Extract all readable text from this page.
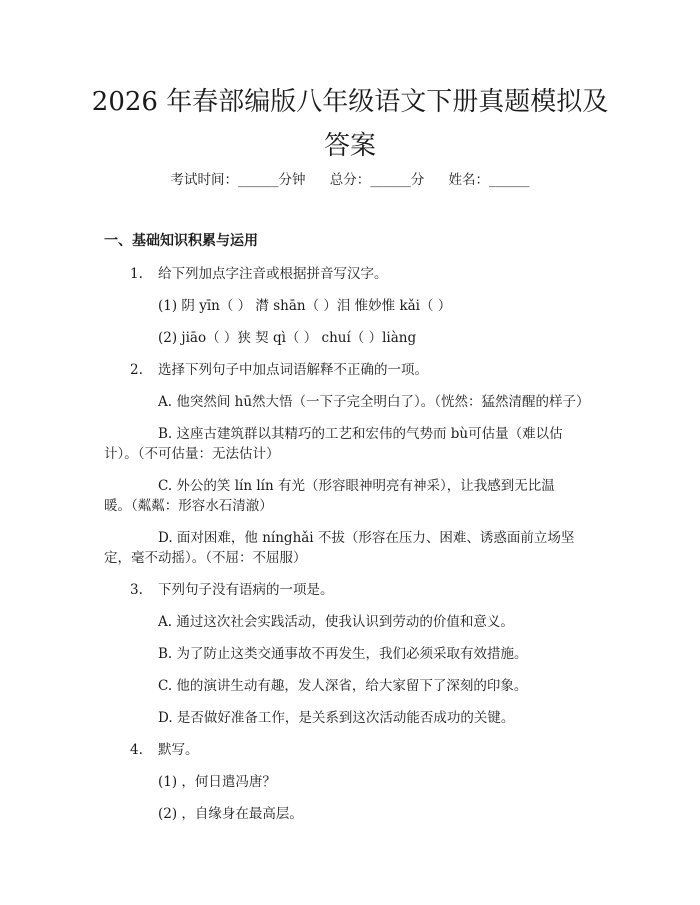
2026 年春部编版八年级语文下册真题模拟及
答案
考试时间：______分钟 总分：______分 姓名：______
一、基础知识积累与运用
1. 给下列加点字注音或根据拼音写汉字。
(1) 阴 yīn（ ） 潸 shān（ ）泪 惟妙惟 kǎi（ ）
(2) jiāo（ ）狭 契 qì（ ） chuí（ ）liàng
2. 选择下列句子中加点词语解释不正确的一项。
A. 他突然间 hū然大悟（一下子完全明白了）。（恍然：猛然清醒的样子）
B. 这座古建筑群以其精巧的工艺和宏伟的气势而 bù可估量（难以估
计）。（不可估量：无法估计）
C. 外公的笑 lín lín 有光（形容眼神明亮有神采），让我感到无比温
暖。（粼粼：形容水石清澈）
D. 面对困难，他 nínghǎi 不拔（形容在压力、困难、诱惑面前立场坚
定，毫不动摇）。（不屈：不屈服）
3. 下列句子没有语病的一项是。
A. 通过这次社会实践活动，使我认识到劳动的价值和意义。
B. 为了防止这类交通事故不再发生，我们必须采取有效措施。
C. 他的演讲生动有趣，发人深省，给大家留下了深刻的印象。
D. 是否做好准备工作，是关系到这次活动能否成功的关键。
4. 默写。
(1) ，何日遣冯唐？
(2) ，自缘身在最高层。
